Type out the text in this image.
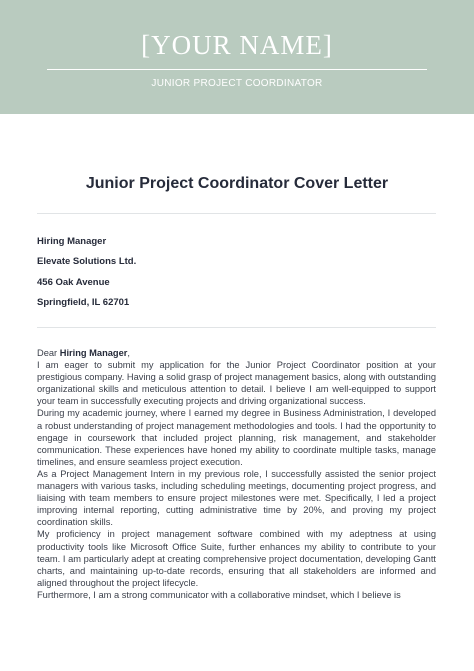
[YOUR NAME]
JUNIOR PROJECT COORDINATOR
Junior Project Coordinator Cover Letter
Hiring Manager
Elevate Solutions Ltd.
456 Oak Avenue
Springfield, IL 62701

Dear Hiring Manager,

I am eager to submit my application for the Junior Project Coordinator position at your prestigious company. Having a solid grasp of project management basics, along with outstanding organizational skills and meticulous attention to detail. I believe I am well-equipped to support your team in successfully executing projects and driving organizational success.

During my academic journey, where I earned my degree in Business Administration, I developed a robust understanding of project management methodologies and tools. I had the opportunity to engage in coursework that included project planning, risk management, and stakeholder communication. These experiences have honed my ability to coordinate multiple tasks, manage timelines, and ensure seamless project execution.

As a Project Management Intern in my previous role, I successfully assisted the senior project managers with various tasks, including scheduling meetings, documenting project progress, and liaising with team members to ensure project milestones were met. Specifically, I led a project improving internal reporting, cutting administrative time by 20%, and proving my project coordination skills.

My proficiency in project management software combined with my adeptness at using productivity tools like Microsoft Office Suite, further enhances my ability to contribute to your team. I am particularly adept at creating comprehensive project documentation, developing Gantt charts, and maintaining up-to-date records, ensuring that all stakeholders are informed and aligned throughout the project lifecycle.

Furthermore, I am a strong communicator with a collaborative mindset, which I believe is
